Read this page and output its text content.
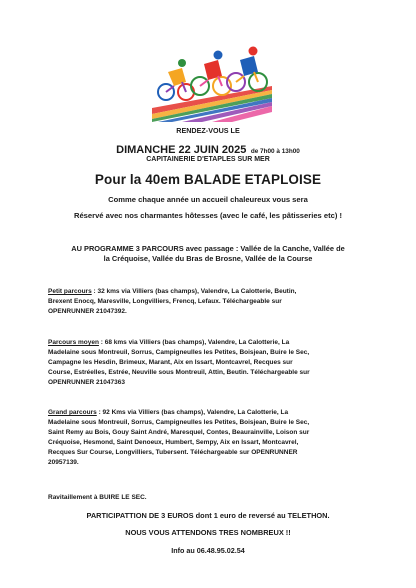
RENDEZ-VOUS LE
DIMANCHE 22 JUIN 2025 de 7h00 à 13h00
CAPITAINERIE D'ETAPLES SUR MER
Pour la 40em BALADE ETAPLOISE
Comme chaque année un accueil chaleureux vous sera
Réservé avec nos charmantes hôtesses (avec le café, les pâtisseries etc) !
AU PROGRAMME 3 PARCOURS avec passage : Vallée de la Canche, Vallée de
la Créquoise, Vallée du Bras de Brosne, Vallée de la Course
Petit parcours : 32 kms via Villiers (bas champs), Valendre, La Calotterie, Beutin,
Brexent Enocq, Maresville, Longvilliers, Frencq, Lefaux. Téléchargeable sur
OPENRUNNER 21047392.
Parcours moyen : 68 kms via Villiers (bas champs), Valendre, La Calotterie, La
Madelaine sous Montreuil, Sorrus, Campigneulles les Petites, Boisjean, Buire le Sec,
Campagne les Hesdin, Brimeux, Marant, Aix en Issart, Montcavrel, Recques sur
Course, Estréelles, Estrée, Neuville sous Montreuil, Attin, Beutin. Téléchargeable sur
OPENRUNNER 21047363
Grand parcours : 92 Kms via Villiers (bas champs), Valendre, La Calotterie, La
Madelaine sous Montreuil, Sorrus, Campigneulles les Petites, Boisjean, Buire le Sec,
Saint Remy au Bois, Gouy Saint André, Maresquel, Contes, Beaurainville, Loison sur
Créquoise, Hesmond, Saint Denoeux, Humbert, Sempy, Aix en Issart, Montcavrel,
Recques Sur Course, Longvilliers, Tubersent. Téléchargeable sur OPENRUNNER
20957139.
Ravitaillement à BUIRE LE SEC.
PARTICIPATTION DE 3 EUROS dont 1 euro de reversé au TELETHON.
NOUS VOUS ATTENDONS TRES NOMBREUX !!
Info au 06.48.95.02.54
